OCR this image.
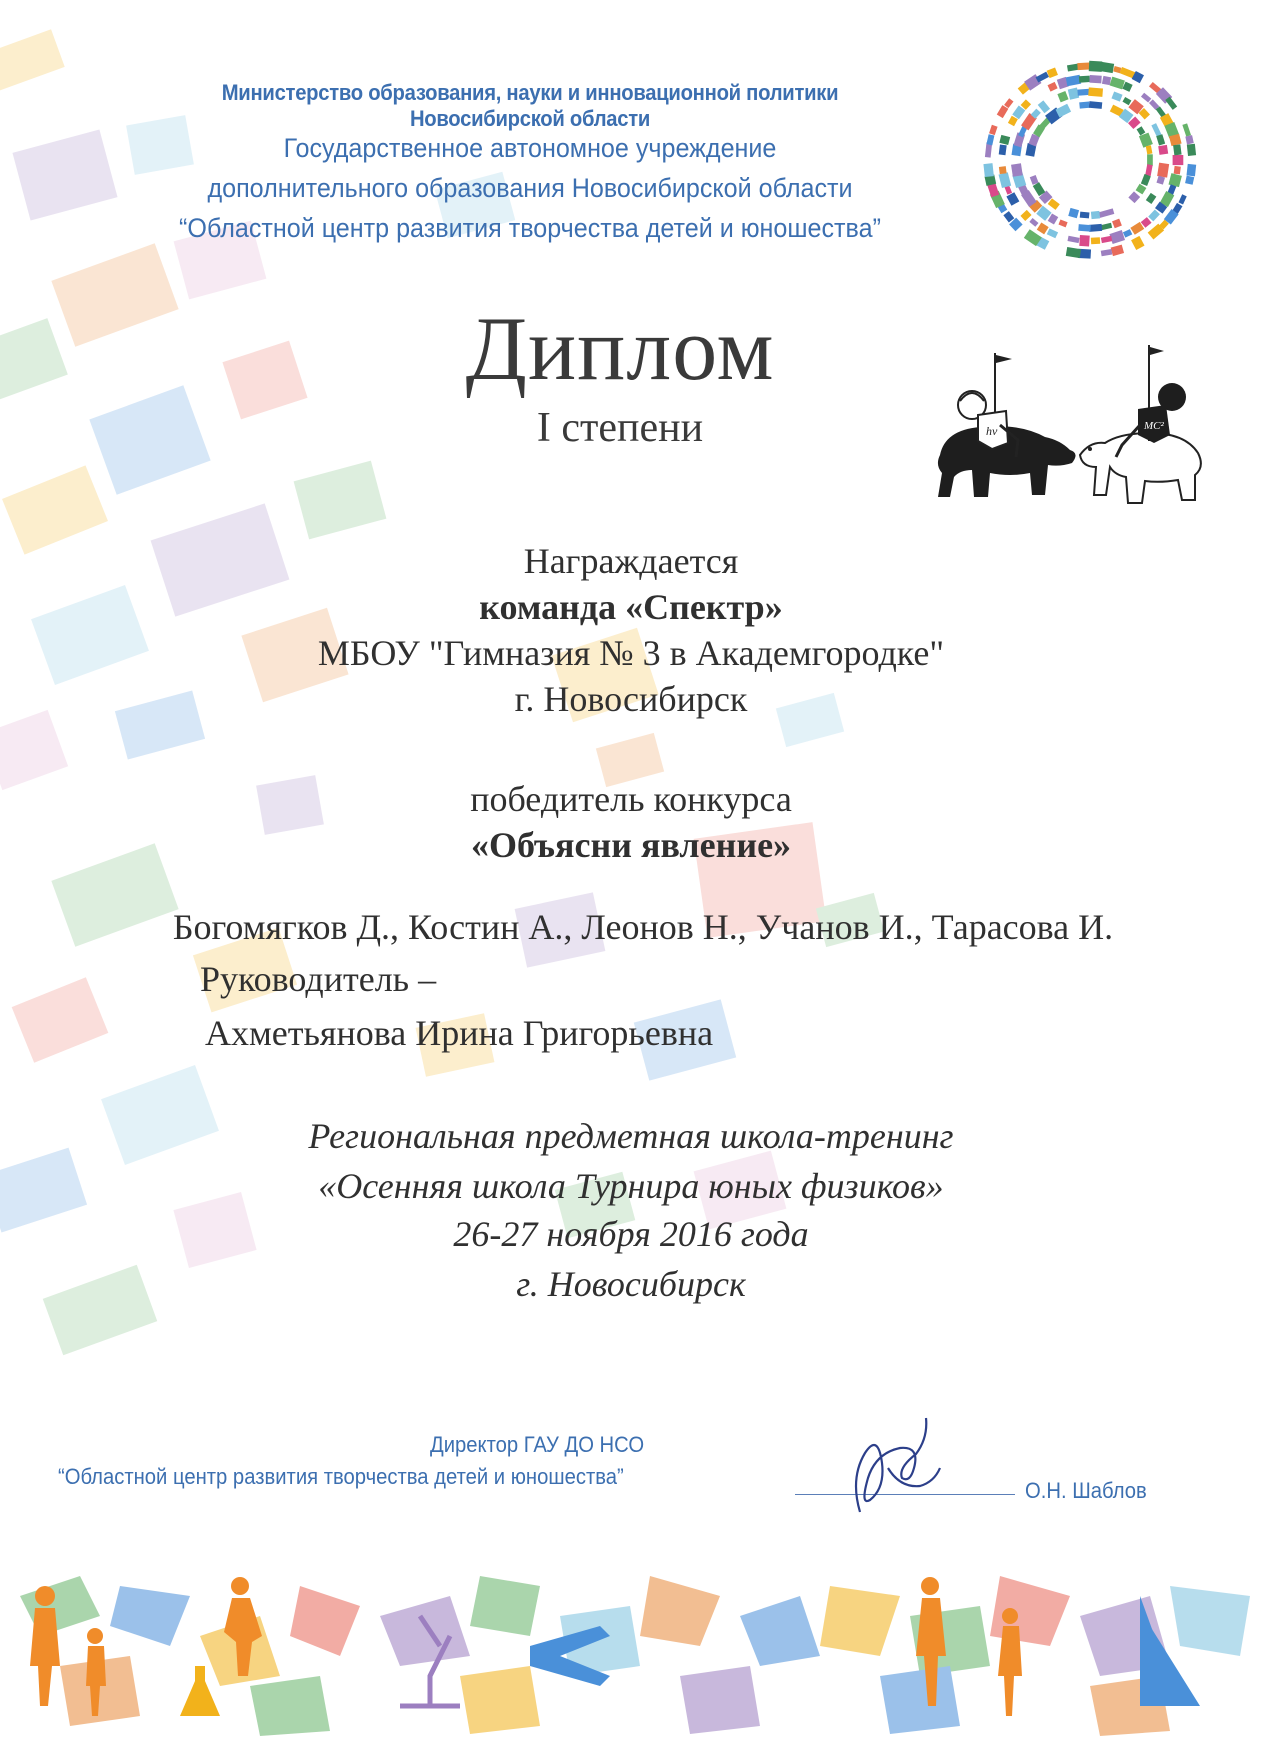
Министерство образования, науки и инновационной политики Новосибирской области
Государственное автономное учреждение
дополнительного образования Новосибирской области
“Областной центр развития творчества детей и юношества”
Диплом
I степени	hv	MC²
Награждается
команда «Спектр»
МБОУ "Гимназия № 3 в Академгородке"
г. Новосибирск
победитель конкурса
«Объясни явление»
Богомягков Д., Костин А., Леонов Н., Учанов И., Тарасова И.
Руководитель –
Ахметьянова Ирина Григорьевна
Региональная предметная школа-тренинг
«Осенняя школа Турнира юных физиков»
26-27 ноября 2016 года
г. Новосибирск
Директор ГАУ ДО НСО
“Областной центр развития творчества детей и юношества”
О.Н. Шаблов
